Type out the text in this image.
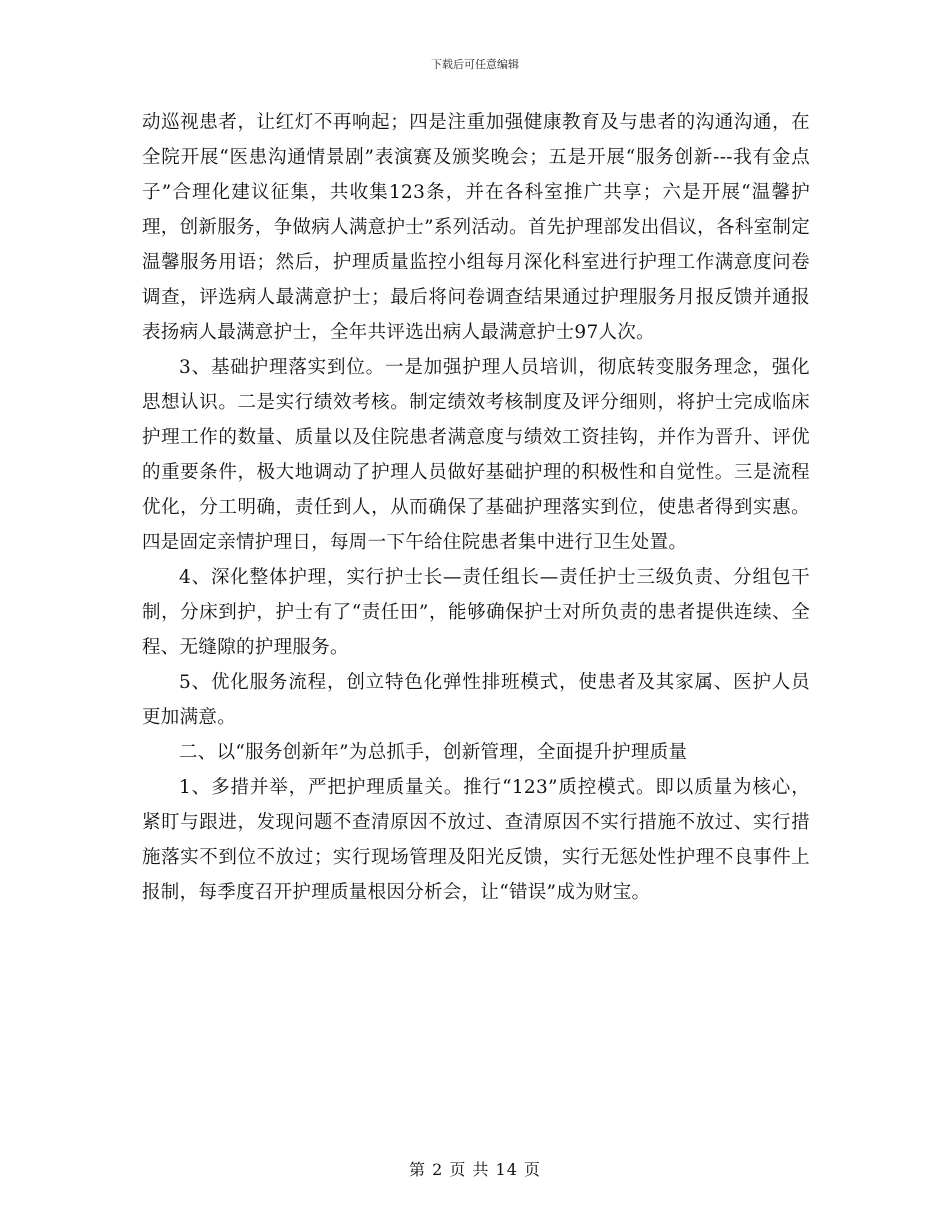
下载后可任意编辑

动巡视患者，让红灯不再响起；四是注重加强健康教育及与患者的沟通沟通，在全院开展“医患沟通情景剧”表演赛及颁奖晚会；五是开展“服务创新---我有金点子”合理化建议征集，共收集123条，并在各科室推广共享；六是开展“温馨护理，创新服务，争做病人满意护士”系列活动。首先护理部发出倡议，各科室制定温馨服务用语；然后，护理质量监控小组每月深化科室进行护理工作满意度问卷调查，评选病人最满意护士；最后将问卷调查结果通过护理服务月报反馈并通报表扬病人最满意护士，全年共评选出病人最满意护士97人次。

3、基础护理落实到位。一是加强护理人员培训，彻底转变服务理念，强化思想认识。二是实行绩效考核。制定绩效考核制度及评分细则，将护士完成临床护理工作的数量、质量以及住院患者满意度与绩效工资挂钩，并作为晋升、评优的重要条件，极大地调动了护理人员做好基础护理的积极性和自觉性。三是流程优化，分工明确，责任到人，从而确保了基础护理落实到位，使患者得到实惠。四是固定亲情护理日，每周一下午给住院患者集中进行卫生处置。

4、深化整体护理，实行护士长—责任组长—责任护士三级负责、分组包干制，分床到护，护士有了“责任田”，能够确保护士对所负责的患者提供连续、全程、无缝隙的护理服务。

5、优化服务流程，创立特色化弹性排班模式，使患者及其家属、医护人员更加满意。

二、以“服务创新年”为总抓手，创新管理，全面提升护理质量

1、多措并举，严把护理质量关。推行“123”质控模式。即以质量为核心，紧盯与跟进，发现问题不查清原因不放过、查清原因不实行措施不放过、实行措施落实不到位不放过；实行现场管理及阳光反馈，实行无惩处性护理不良事件上报制，每季度召开护理质量根因分析会，让“错误”成为财宝。

第 2 页 共 14 页
